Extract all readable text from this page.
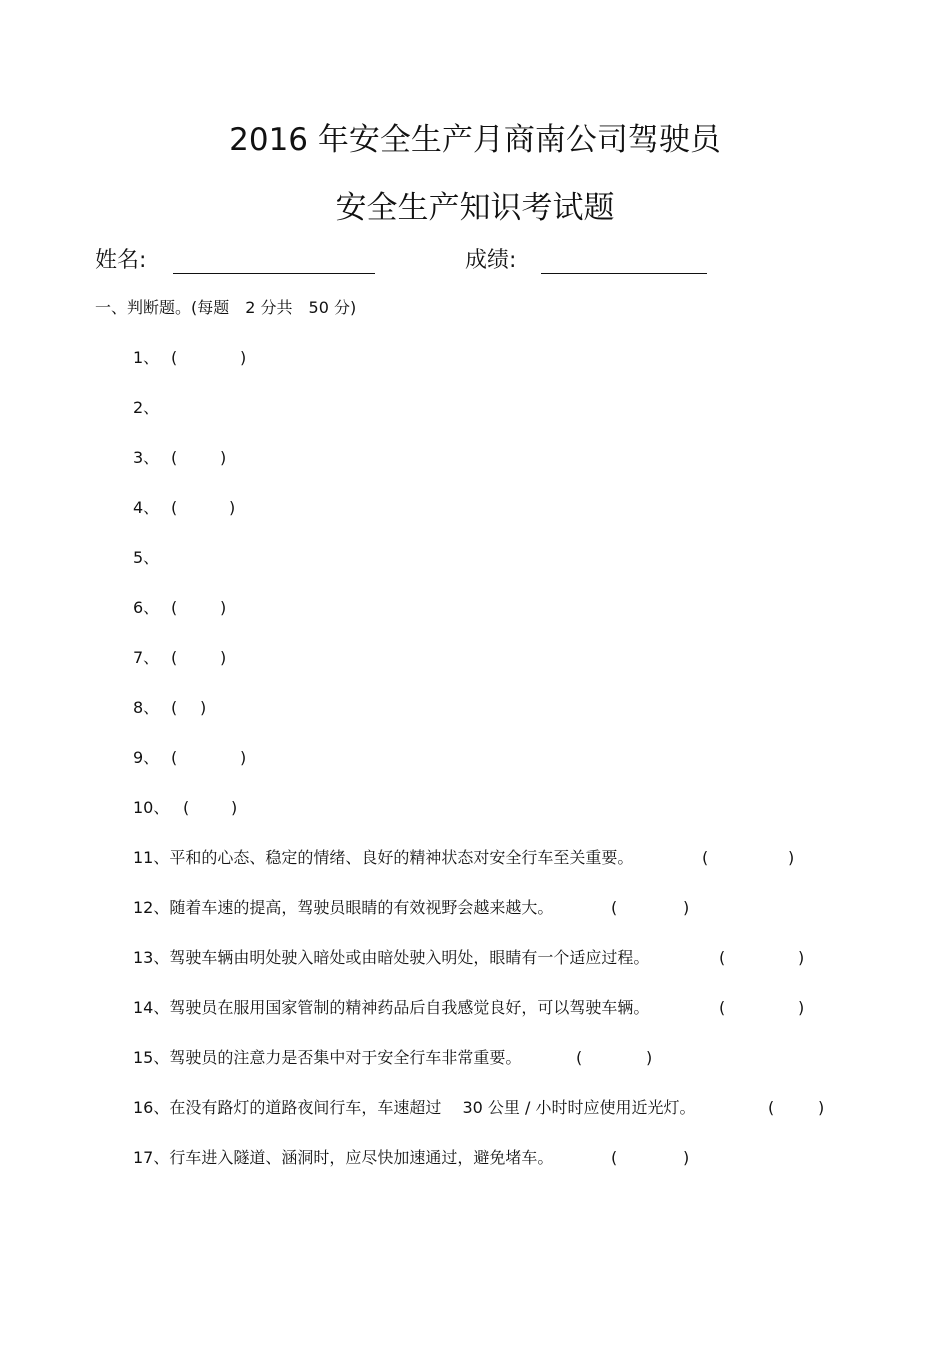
2016 年安全生产月商南公司驾驶员
安全生产知识考试题
姓名:	成绩:
一、判断题。(每题　2 分共　50 分)
1、 (	)
2、
3、 (	)
4、 (	)
5、
6、 (	)
7、 (	)
8、 ( )
9、 (	)
10、 (	)
11、平和的心态、稳定的情绪、良好的精神状态对安全行车至关重要。	(	)
12、随着车速的提高，驾驶员眼睛的有效视野会越来越大。	(	)
13、驾驶车辆由明处驶入暗处或由暗处驶入明处，眼睛有一个适应过程。	(	)
14、驾驶员在服用国家管制的精神药品后自我感觉良好，可以驾驶车辆。	(	)
15、驾驶员的注意力是否集中对于安全行车非常重要。	(	)
16、在没有路灯的道路夜间行车，车速超过　 30 公里 / 小时时应使用近光灯。	(	)
17、行车进入隧道、涵洞时，应尽快加速通过，避免堵车。	(	)
